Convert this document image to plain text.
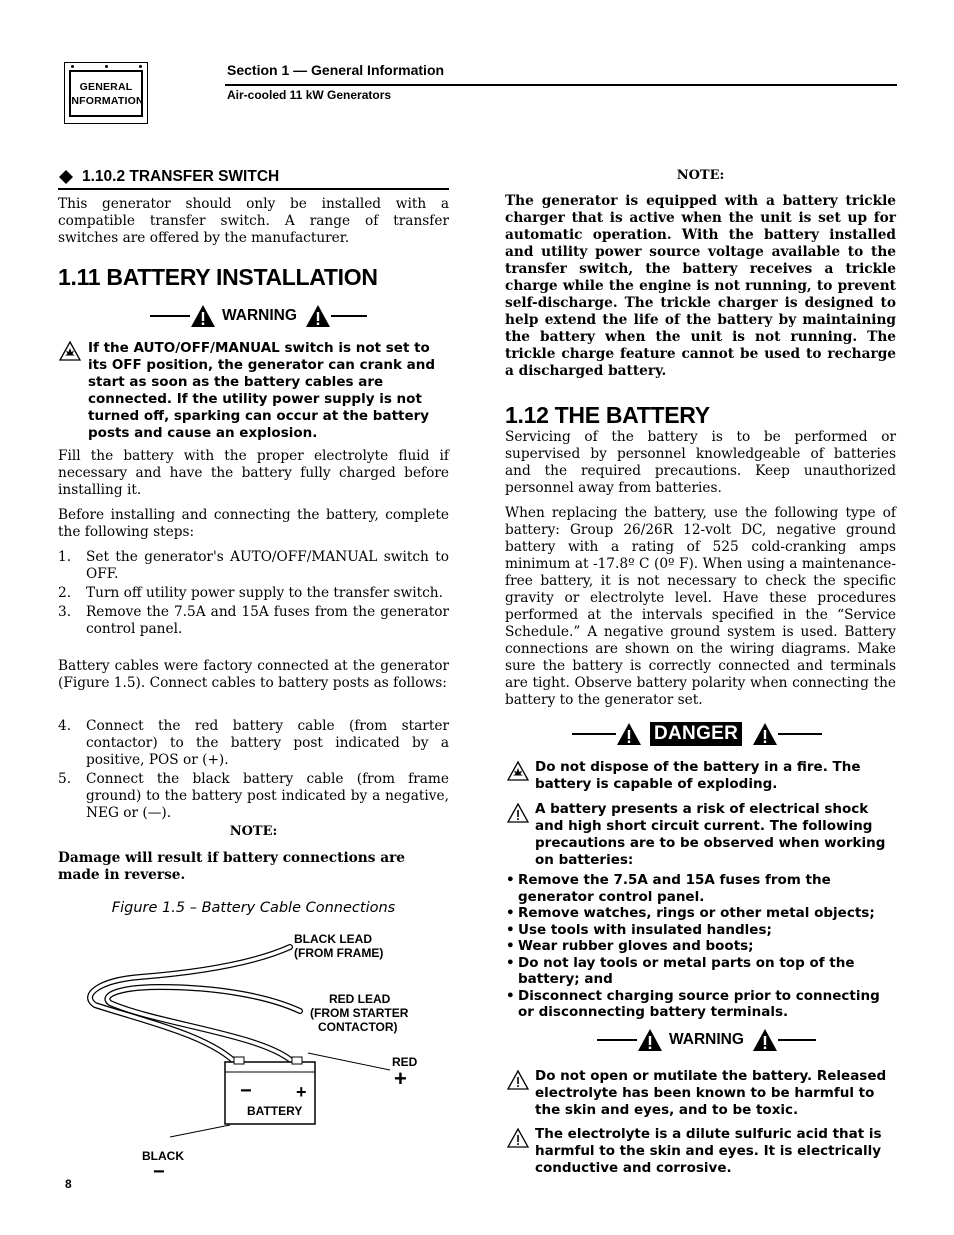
GENERAL
INFORMATION
Section 1 — General Information
Air-cooled 11 kW Generators
1.10.2 TRANSFER SWITCH
This generator should only be installed with a compatible transfer switch. A range of transfer switches are offered by the manufacturer.
1.11 BATTERY INSTALLATION
WARNING
If the AUTO/OFF/MANUAL switch is not set to its OFF position, the generator can crank and start as soon as the battery cables are connected. If the utility power supply is not turned off, sparking can occur at the battery posts and cause an explosion.
Fill the battery with the proper electrolyte fluid if necessary and have the battery fully charged before installing it.
Before installing and connecting the battery, complete the following steps:
1.	Set the generator's AUTO/OFF/MANUAL switch to OFF.
2.	Turn off utility power supply to the transfer switch.
3.	Remove the 7.5A and 15A fuses from the generator control panel.
Battery cables were factory connected at the generator (Figure 1.5). Connect cables to battery posts as follows:
4.	Connect the red battery cable (from starter contactor) to the battery post indicated by a positive, POS or (+).
5.	Connect the black battery cable (from frame ground) to the battery post indicated by a negative, NEG or (—).
NOTE:
Damage will result if battery connections are made in reverse.
Figure 1.5 – Battery Cable Connections
− +
BATTERY
BLACK LEAD
(FROM FRAME)
RED LEAD
(FROM STARTER
CONTACTOR)
RED
+
BLACK
−
8
NOTE:
The generator is equipped with a battery trickle charger that is active when the unit is set up for automatic operation. With the battery installed and utility power source voltage available to the transfer switch, the battery receives a trickle charge while the engine is not running, to prevent self-discharge. The trickle charger is designed to help extend the life of the battery by maintaining the battery when the unit is not running. The trickle charge feature cannot be used to recharge a discharged battery.
1.12 THE BATTERY
Servicing of the battery is to be performed or supervised by personnel knowledgeable of batteries and the required precautions. Keep unauthorized personnel away from batteries.
When replacing the battery, use the following type of battery: Group 26/26R 12-volt DC, negative ground battery with a rating of 525 cold-cranking amps minimum at -17.8º C (0º F). When using a maintenance-free battery, it is not necessary to check the specific gravity or electrolyte level. Have these procedures performed at the intervals specified in the “Service Schedule.” A negative ground system is used. Battery connections are shown on the wiring diagrams. Make sure the battery is correctly connected and terminals are tight. Observe battery polarity when connecting the battery to the generator set.
DANGER
Do not dispose of the battery in a fire. The battery is capable of exploding.
A battery presents a risk of electrical shock and high short circuit current. The following precautions are to be observed when working on batteries:
• Remove the 7.5A and 15A fuses from the generator control panel.
• Remove watches, rings or other metal objects;
• Use tools with insulated handles;
• Wear rubber gloves and boots;
• Do not lay tools or metal parts on top of the battery; and
• Disconnect charging source prior to connecting or disconnecting battery terminals.
WARNING
Do not open or mutilate the battery. Released electrolyte has been known to be harmful to the skin and eyes, and to be toxic.
The electrolyte is a dilute sulfuric acid that is harmful to the skin and eyes. It is electrically conductive and corrosive.
